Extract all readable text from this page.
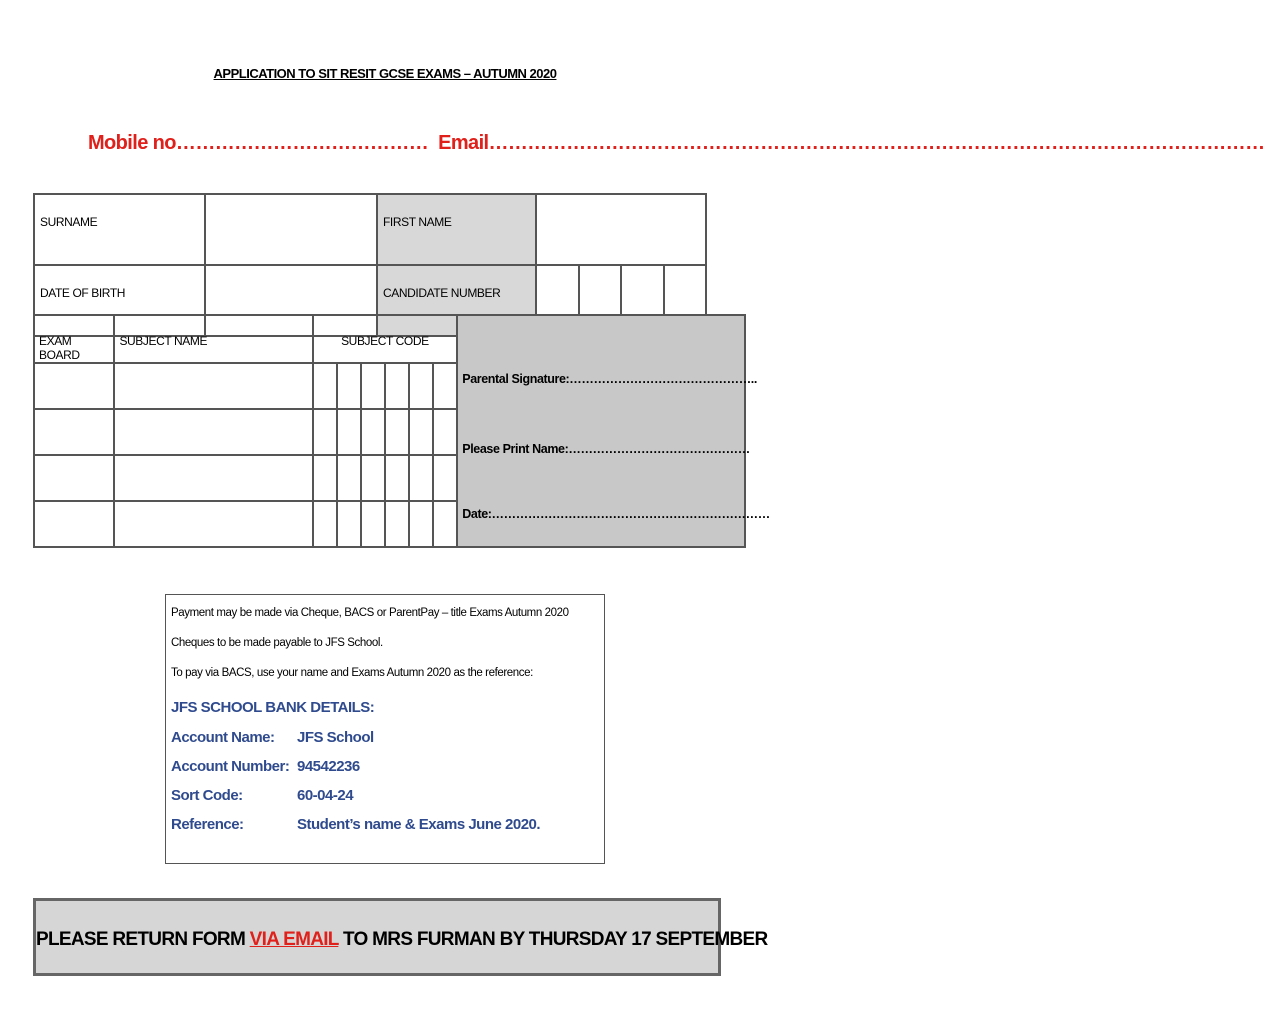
APPLICATION TO SIT RESIT GCSE EXAMS – AUTUMN 2020
Mobile no………………………………… Email…………………………………………………………………………………………………………
SURNAME		FIRST NAME				
DATE OF BIRTH		CANDIDATE NUMBER				
EXAM BOARD	SUBJECT NAME	SUBJECT CODE						Parental Signature:………………………………………..
Please Print Name:………………………………………
Date:……………………………………………………………

Payment may be made via Cheque, BACS or ParentPay – title Exams Autumn 2020
Cheques to be made payable to JFS School.
To pay via BACS, use your name and Exams Autumn 2020 as the reference:
JFS SCHOOL BANK DETAILS:
Account Name: JFS School
Account Number: 94542236
Sort Code:	60-04-24
Reference:	Student’s name & Exams June 2020.
PLEASE RETURN FORM VIA EMAIL TO MRS FURMAN BY THURSDAY 17 SEPTEMBER
